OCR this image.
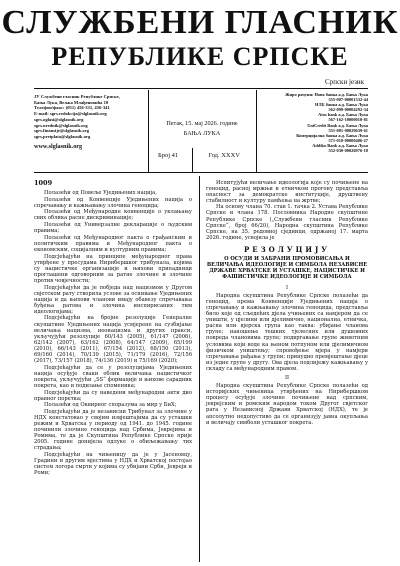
СЛУЖБЕНИ ГЛАСНИК
РЕПУБЛИКЕ СРПСКЕ
Српски језик
ЈУ Службени гласник Републике Српске,
Бања Лука, Вељка Млађеновића 10
Телефон/факс: (051) 456-331, 456-341
E-mail: sgrs.redakcija@slglasnik.org
sgrs.oglasi@slglasnik.org
sgrs.urednik@slglasnik.org
sgrs.finansije@slglasnik.org
sgrs.pretplata@slglasnik.org
www.slglasnik.org
Петак, 15. мај 2026. године
БАЊА ЛУКА
Број 41	Год. XXXV
Жиро рачуни: Нова банка а.д. Бања Лука
555-007-00001332-44
НЛБ банка а.д. Бања Лука
562-099-00004292-34
Atos bank а.д. Бања Лука
567-162-10000010-81
UniCredit Bank а.д. Бања Лука
551-001-00029639-61
Комерцијална банка а.д. Бања Лука
571-010-00000406-27
Addiko Bank а.д. Бања Лука
552-030-00026976-18
1009

Полазећи од Повеље Уједињених нација,

Полазећи од Конвенције Уједињених нација о спречавању и кажњавању злочина геноцида;

Полазећи од Међународне конвенције о уклањању свих облика расне дискриминације;

Полазећи од Универзалне декларације о људским правима;

Полазећи од Међународног пакта о грађанским и политичким правима и Међународног пакта о економским, социјалним и културним правима;

Подсјећајући на принципе међународног права утврђене у пресудама Нирнбершког трибунала, којима су нацистичке организације и њихови припадници проглашени одговорним за ратне злочине и злочине против човјечности;

Подсјећајући да је побједа над нацизмом у Другом свјетском рату створила услове за оснивање Уједињених нација и да њихови чланови имају обавезу спречавања буђења ратова и злочина инспирисаних тим идеологијама;

Подсјећајући на бројне резолуције Генералне скупштине Уједињених нација усмјерене на сузбијање величања нацизма, неонацизма и других пракси, укључујући резолуције 60/143 (2005), 61/147 (2006), 62/142 (2007), 63/162 (2008), 64/147 (2009), 65/199 (2010), 66/143 (2011), 67/154 (2012), 68/150 (2013), 69/160 (2014), 70/139 (2015), 71/179 (2016), 72/156 (2017), 73/157 (2018), 74/136 (2019) и 75/169 (2020);

Подсјећајући да се у резолуцијама Уједињених нација осуђује сваки облик величања нацистичког покрета, укључујући „SS“ формације и њихове сарадник покрета, као и подизање споменика;

Подсјећајући да су наведени међународни акти дио правног поретка;

Полазећи од Оквирног споразума за мир у БиХ;

Подсјећајући да је независни Трибунал за злочине у НДХ констатовао у својим извјештајима да су усташки режим и Хрватска у периоду од 1941. до 1945. године починили злочине геноцида над Србима, Јеврејима и Ромима, те да је Скупштина Републике Српске прије 2005. године донијела одлуке о обиљежавању тих страдања;

Подсјећајући на чињеницу да је у Јасеновцу, Градини и другим мјестима у НДХ и Хрватској постојао систем логора смрти у којима су убијани Срби, Јевреји и Роми;

Испитујући величање идеологија које су почињене на геноцид, расној мржњи и етничком прогону представља опасност за демократске институције, друштвену стабилност и културу памћења на жртве;

На основу члана 70. став 1. тачка 2. Устава Републике Српске и члана 178. Пословника Народне скупштине Републике Српске („Службени гласник Републике Српске“, број 66/20), Народна скупштина Републике Српске, на 35. редовној сједници, одржаној 17. марта 2026. године, усвојила је

РЕЗОЛУЦИЈУ
О ОСУДИ И ЗАБРАНИ ПРОМОВИСАЊА И ВЕЛИЧАЊА ИДЕОЛОГИЈЕ И СИМБОЛА НЕЗАВИСНЕ ДРЖАВЕ ХРВАТСКЕ И УСТАШКЕ, НАЦИСТИЧКЕ И ФАШИСТИЧКЕ ИДЕОЛОГИЈЕ И СИМБОЛА
I

Народна скупштина Републике Српске полазећи да геноцид, према Конвенцији Уједињених нација о спречавању и кажњавању злочина геноцида, представља било које од сљедећих дјела учињених са намјером да се уништи, у цјелини или дјелимично, национална, етничка, расна или вјерска група као таква: убијање чланова групе; наношење тешких тјелесних или душевних повреда члановима групе; подвргавање групе животним условима који воде ка њеном потпуном или дјелимичном физичком уништењу; спровођење мјера у намјери спречавања рађања у групи; принудно премјештање дјеце из једне групе у другу. Ова дјела подлијежу кажњавању у складу са међународним правом.

II

Народна скупштина Републике Српске полазећи од историјских чињеница утврђених на Нирнбершком процесу осуђује злочине почињене над српским, јеврејским и ромским народом током Другог свјетског рата у Независној Држави Хрватској (НДХ), те је апсолутно недопустиво да се организују јавна окупљања и величају симболи усташког покрета.
